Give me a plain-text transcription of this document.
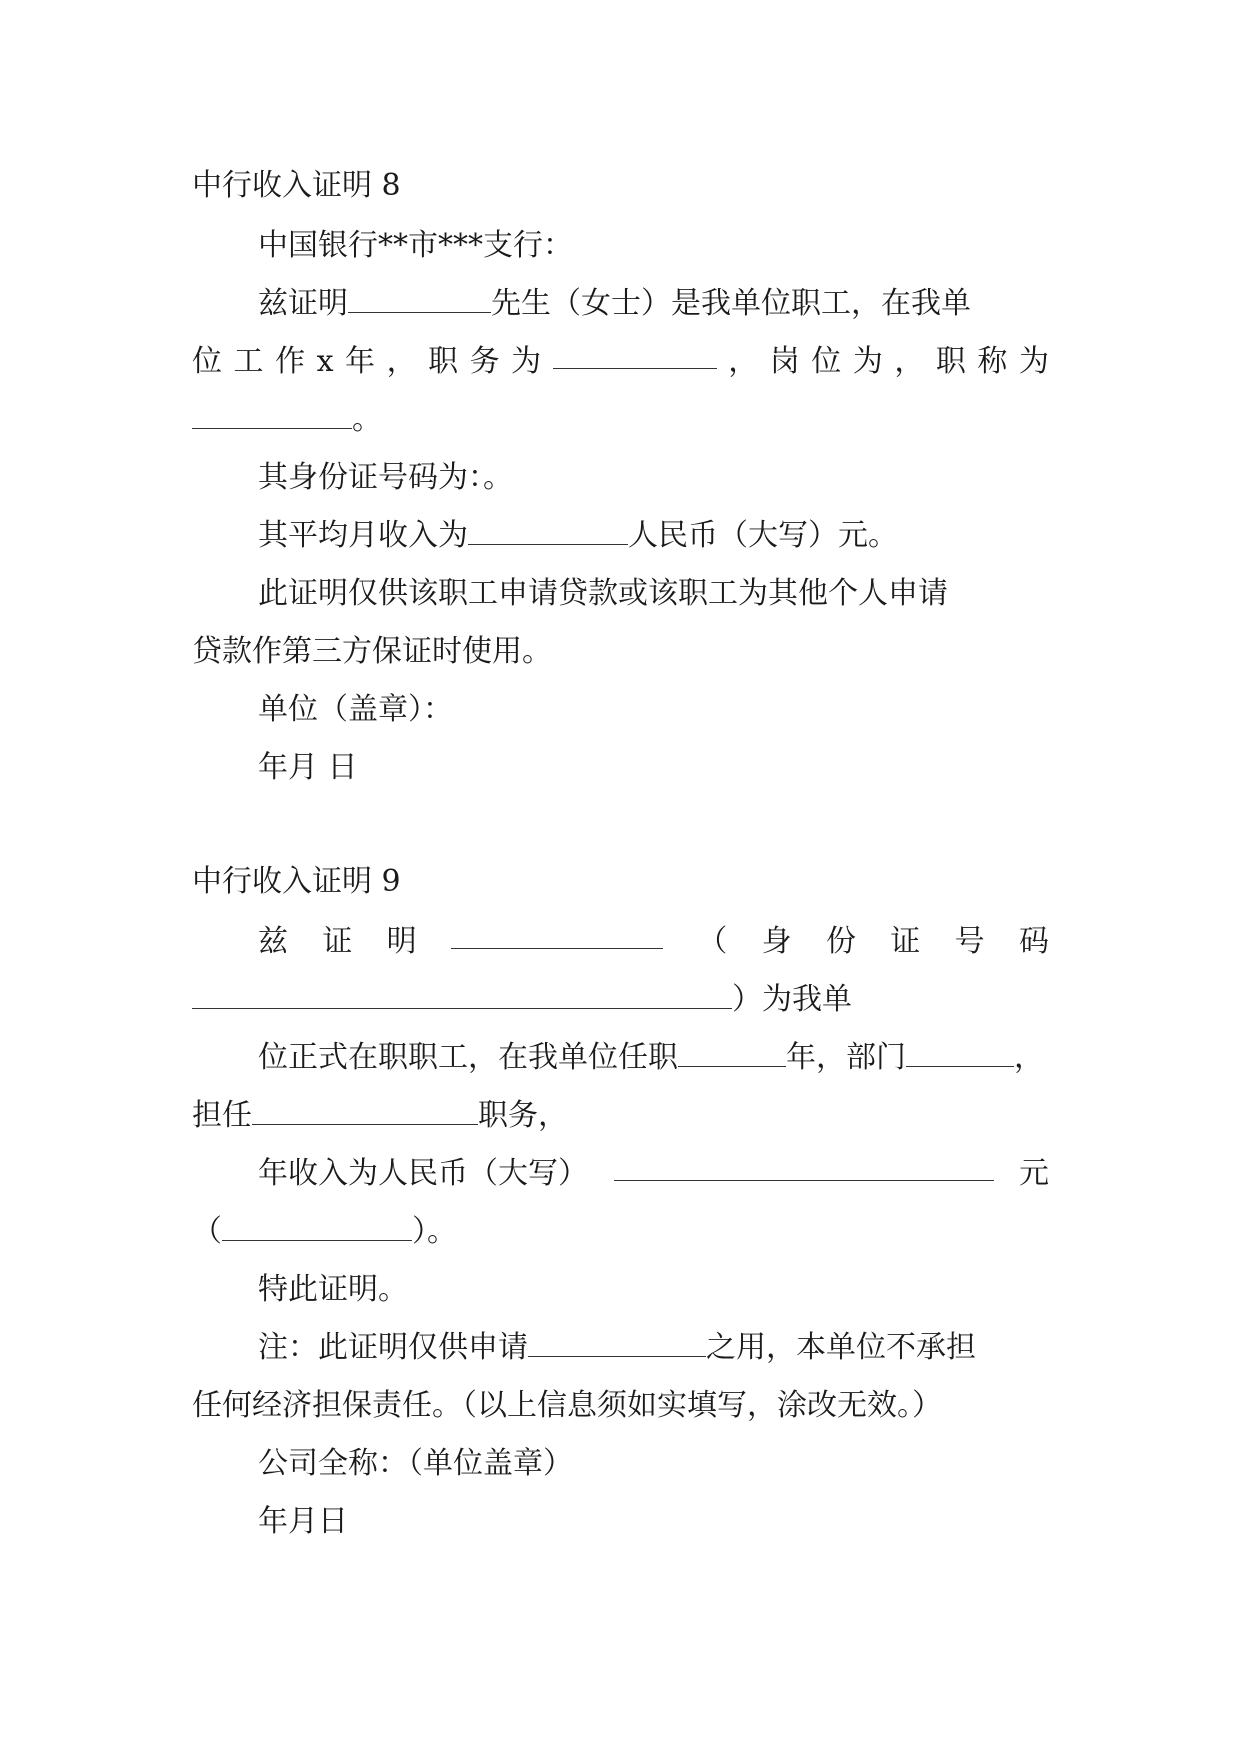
中行收入证明 8
中国银行**市***支行：
兹证明	先生（女士）是我单位职工，在我单
位 工 作 x 年 ， 职 务 为	， 岗 位 为 ， 职 称 为
。
其身份证号码为：。
其平均月收入为	人民币（大写）元。
此证明仅供该职工申请贷款或该职工为其他个人申请
贷款作第三方保证时使用。
单位（盖章）：
年月 日
中行收入证明 9
兹 证 明	（ 身 份 证 号 码
）为我单
位正式在职职工，在我单位任职	年，部门	，
担任	职务，
年收入为人民币（大写）	元
（	）。
特此证明。
注：此证明仅供申请	之用，本单位不承担
任何经济担保责任。（以上信息须如实填写，涂改无效。）
公司全称：（单位盖章）
年月日
